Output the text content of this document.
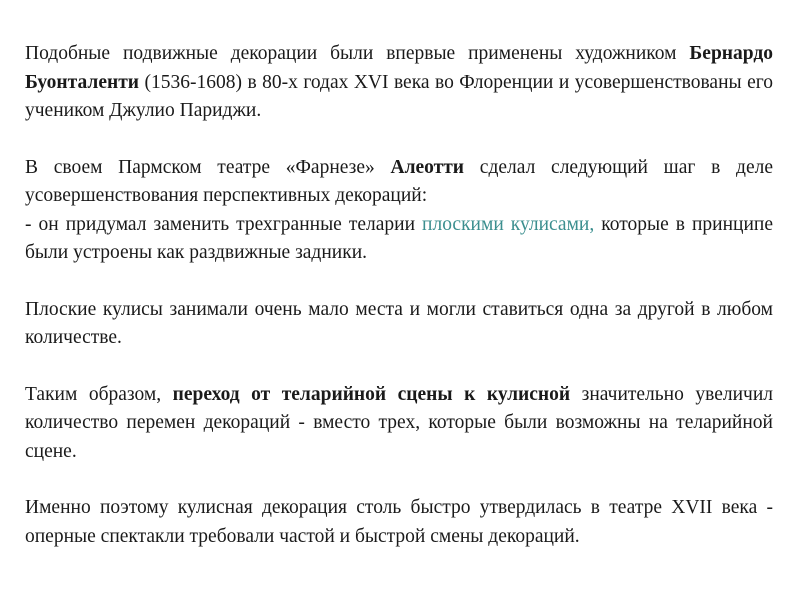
Подобные подвижные декорации были впервые применены художником Бернардо Буонталенти (1536-1608) в 80-х годах XVI века во Флоренции и усовершенствованы его учеником Джулио Париджи.

В своем Пармском театре «Фарнезе» Алеотти сделал следующий шаг в деле усовершенствования перспективных декораций:

- он придумал заменить трехгранные теларии плоскими кулисами, которые в принципе были устроены как раздвижные задники.

Плоские кулисы занимали очень мало места и могли ставиться одна за другой в любом количестве.

Таким образом, переход от теларийной сцены к кулисной значительно увеличил количество перемен декораций - вместо трех, которые были возможны на теларийной сцене.

Именно поэтому кулисная декорация столь быстро утвердилась в театре XVII века - оперные спектакли требовали частой и быстрой смены декораций.
